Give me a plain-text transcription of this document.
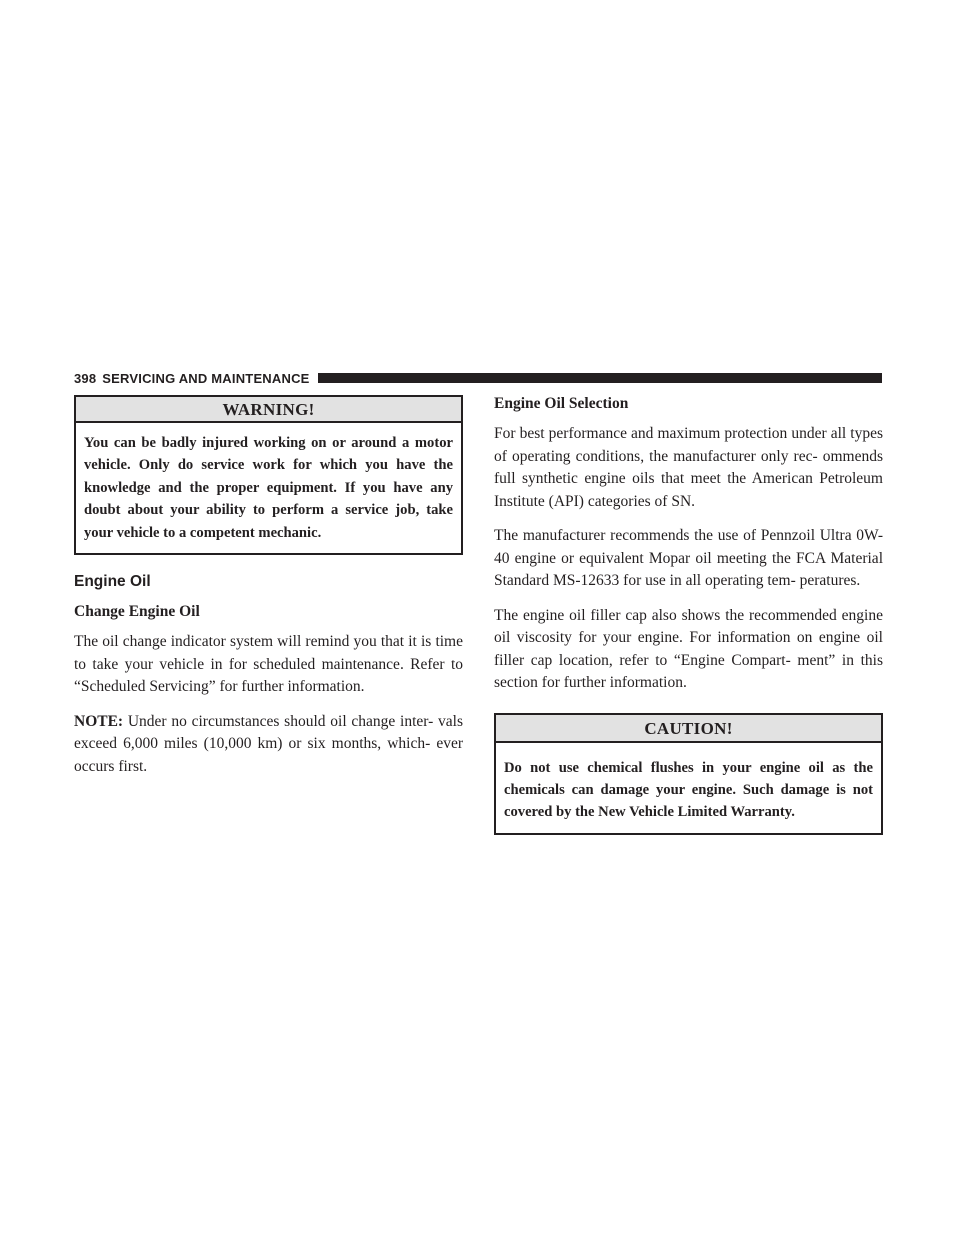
398 SERVICING AND MAINTENANCE
WARNING!
You can be badly injured working on or around a motor vehicle. Only do service work for which you have the knowledge and the proper equipment. If you have any doubt about your ability to perform a service job, take your vehicle to a competent mechanic.
Engine Oil
Change Engine Oil

The oil change indicator system will remind you that it is time to take your vehicle in for scheduled maintenance. Refer to “Scheduled Servicing” for further information.

NOTE: Under no circumstances should oil change inter- vals exceed 6,000 miles (10,000 km) or six months, which- ever occurs first.

Engine Oil Selection

For best performance and maximum protection under all types of operating conditions, the manufacturer only rec- ommends full synthetic engine oils that meet the American Petroleum Institute (API) categories of SN.

The manufacturer recommends the use of Pennzoil Ultra 0W-40 engine or equivalent Mopar oil meeting the FCA Material Standard MS-12633 for use in all operating tem- peratures.

The engine oil filler cap also shows the recommended engine oil viscosity for your engine. For information on engine oil filler cap location, refer to “Engine Compart- ment” in this section for further information.

CAUTION!
Do not use chemical flushes in your engine oil as the chemicals can damage your engine. Such damage is not covered by the New Vehicle Limited Warranty.
